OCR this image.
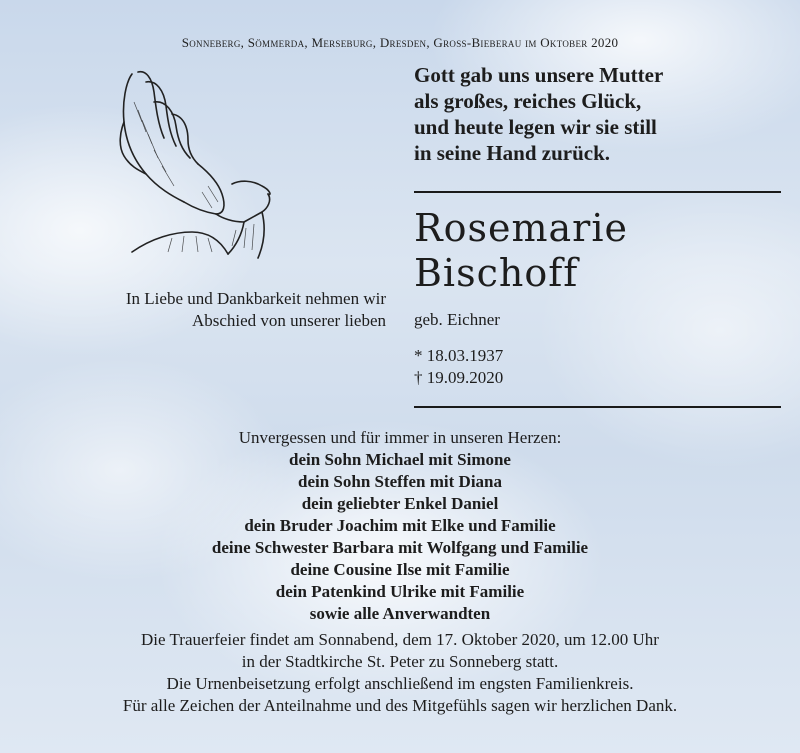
Sonneberg, Sömmerda, Merseburg, Dresden, Gross-Bieberau im Oktober 2020
Gott gab uns unsere Mutter
als großes, reiches Glück,
und heute legen wir sie still
in seine Hand zurück.
Rosemarie
Bischoff
In Liebe und Dankbarkeit nehmen wir
Abschied von unserer lieben geb. Eichner
* 18.03.1937
† 19.09.2020
Unvergessen und für immer in unseren Herzen:
dein Sohn Michael mit Simone
dein Sohn Steffen mit Diana
dein geliebter Enkel Daniel
dein Bruder Joachim mit Elke und Familie
deine Schwester Barbara mit Wolfgang und Familie
deine Cousine Ilse mit Familie
dein Patenkind Ulrike mit Familie
sowie alle Anverwandten
Die Trauerfeier findet am Sonnabend, dem 17. Oktober 2020, um 12.00 Uhr
in der Stadtkirche St. Peter zu Sonneberg statt.
Die Urnenbeisetzung erfolgt anschließend im engsten Familienkreis.
Für alle Zeichen der Anteilnahme und des Mitgefühls sagen wir herzlichen Dank.
